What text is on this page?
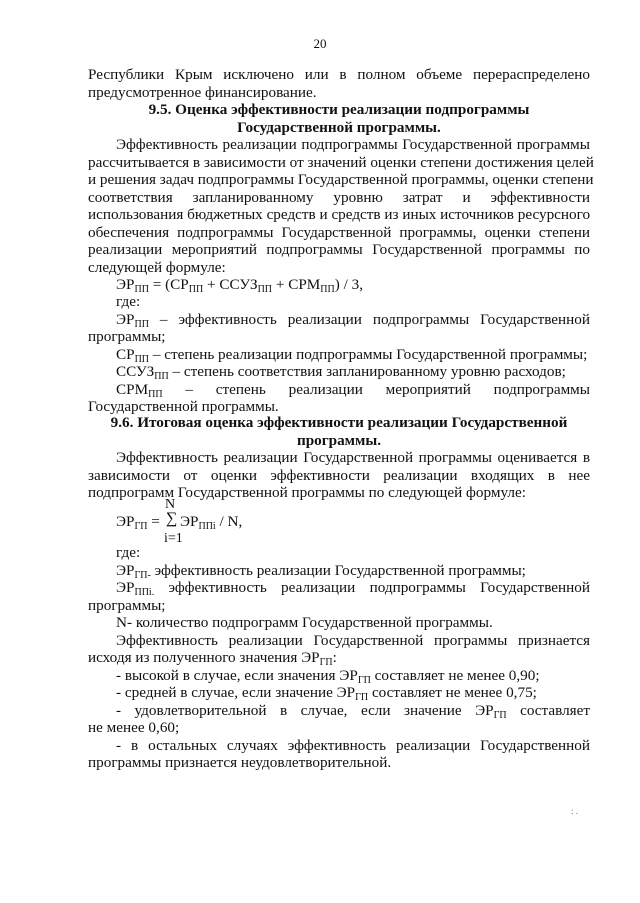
20
Республики Крым исключено или в полном объеме перераспределено
предусмотренное финансирование.
9.5. Оценка эффективности реализации подпрограммы
Государственной программы.
Эффективность реализации подпрограммы Государственной программы
рассчитывается в зависимости от значений оценки степени достижения целей
и решения задач подпрограммы Государственной программы, оценки степени
соответствия запланированному уровню затрат и эффективности
использования бюджетных средств и средств из иных источников ресурсного
обеспечения подпрограммы Государственной программы, оценки степени
реализации мероприятий подпрограммы Государственной программы по
следующей формуле:
$ЭР_{ПП} = (СР_{ПП}$ + $ССУЗ_{ПП} + СРМ_{ПП}) / 3$,
где:
$ЭР_{ПП}$ – эффективность реализации подпрограммы Государственной
программы;
$СР_{ПП}$ – степень реализации подпрограммы Государственной программы;
$ССУЗ_{ПП}$ – степень соответствия запланированному уровню расходов;
$СРМ_{ПП}$ – степень реализации мероприятий подпрограммы
Государственной программы.
9.6. Итоговая оценка эффективности реализации Государственной
программы.
Эффективность реализации Государственной программы оценивается в
зависимости от оценки эффективности реализации входящих в нее
подпрограмм Государственной программы по следующей формуле:
N
$ЭР_{ГП}$ = ∑ $ЭР_{ППi}$ / N,
i=1
где:
$ЭР_{ГП-}$ эффективность реализации Государственной программы;
$ЭР_{ППi.}$ эффективность реализации подпрограммы Государственной
программы;
N- количество подпрограмм Государственной программы.
Эффективность реализации Государственной программы признается
исходя из полученного значения $ЭР_{ГП}$:
- высокой в случае, если значения $ЭР_{ГП}$ составляет не менее 0,90;
- средней в случае, если значение $ЭР_{ГП}$ составляет не менее 0,75;
- удовлетворительной в случае, если значение $ЭР_{ГП}$ составляет
не менее 0,60;
- в остальных случаях эффективность реализации Государственной
программы признается неудовлетворительной.
: .
